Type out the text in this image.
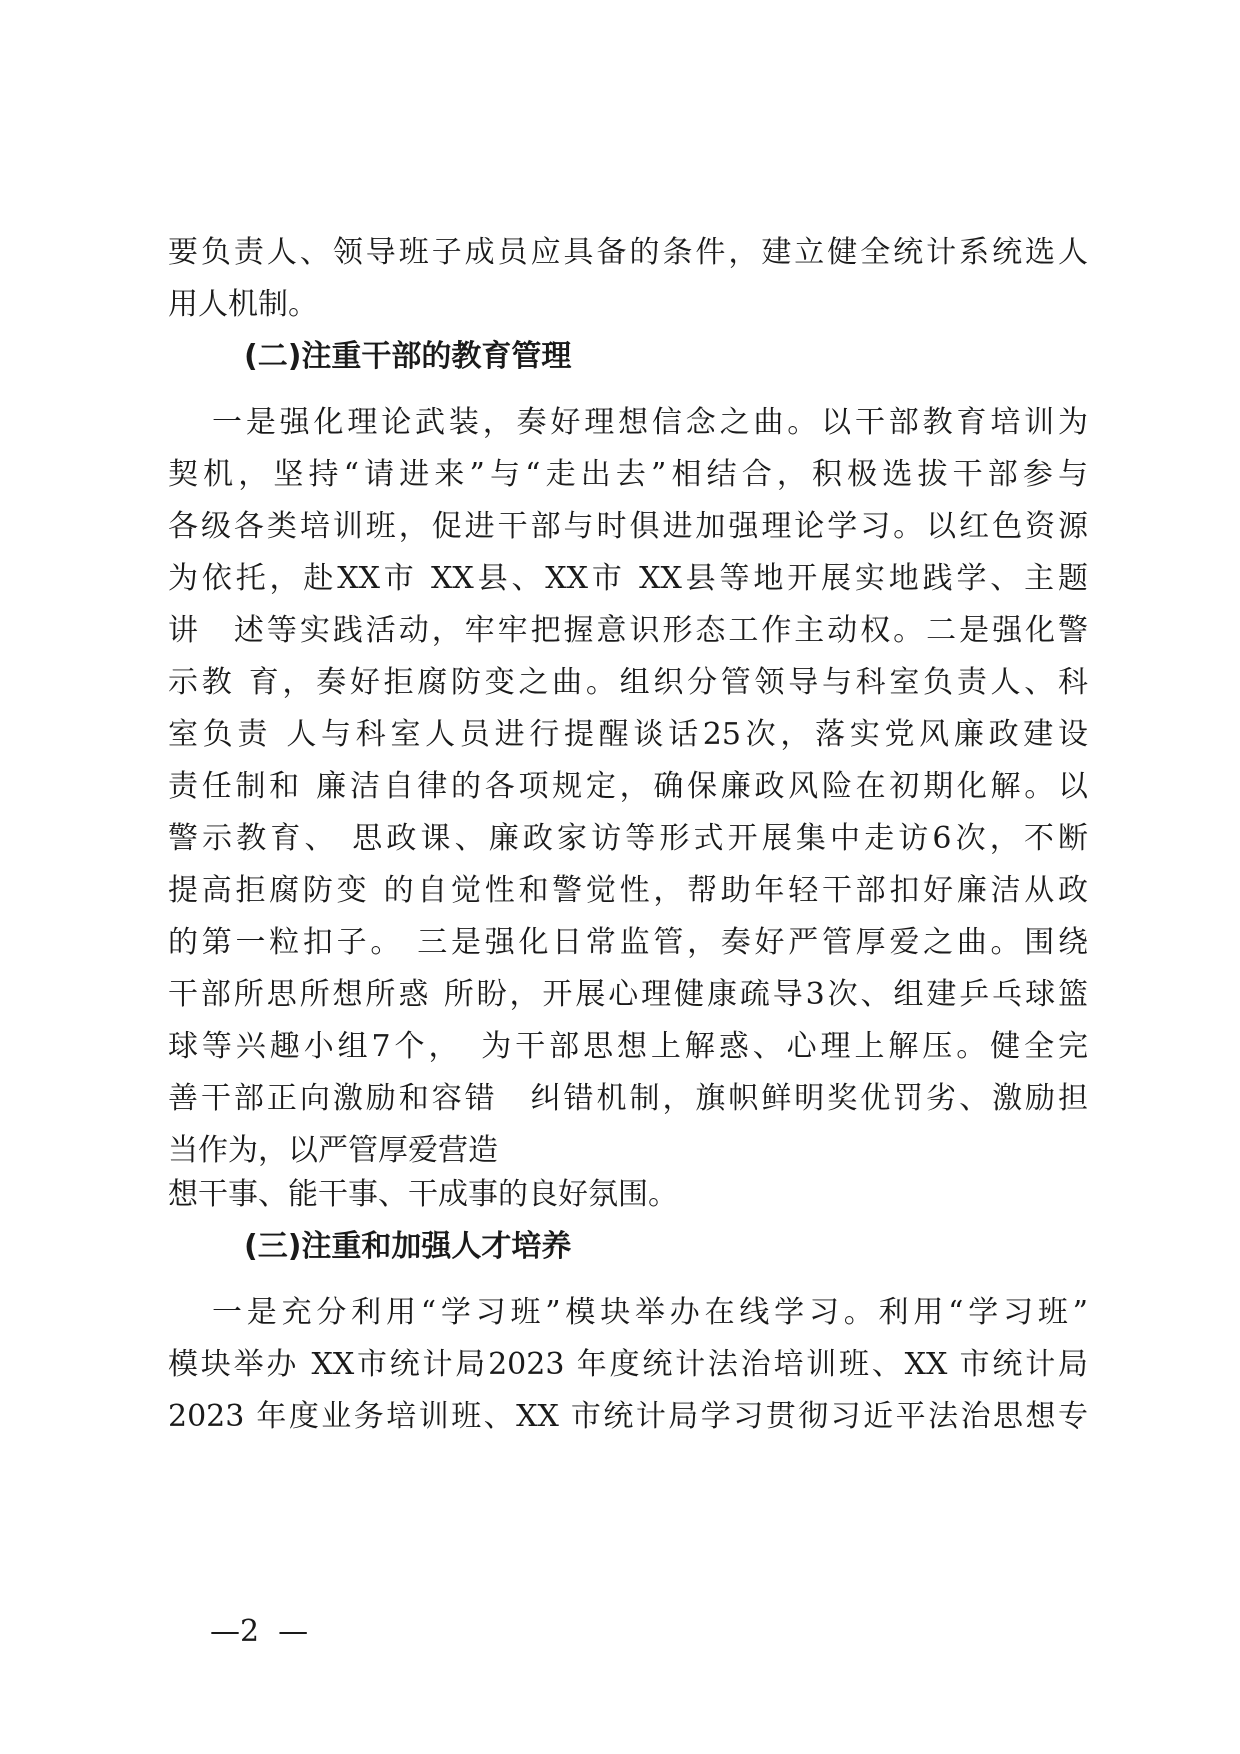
要负责人、领导班子成员应具备的条件，建立健全统计系统选人
用人机制。
(二)注重干部的教育管理
一是强化理论武装，奏好理想信念之曲。以干部教育培训为
契机，坚持“请进来”与“走出去”相结合，积极选拔干部参与
各级各类培训班，促进干部与时俱进加强理论学习。以红色资源
为依托，赴XX市 XX县、XX市 XX县等地开展实地践学、主题
讲　述等实践活动，牢牢把握意识形态工作主动权。二是强化警
示教 育，奏好拒腐防变之曲。组织分管领导与科室负责人、科
室负责 人与科室人员进行提醒谈话25次，落实党风廉政建设
责任制和 廉洁自律的各项规定，确保廉政风险在初期化解。以
警示教育、 思政课、廉政家访等形式开展集中走访6次，不断
提高拒腐防变 的自觉性和警觉性，帮助年轻干部扣好廉洁从政
的第一粒扣子。 三是强化日常监管，奏好严管厚爱之曲。围绕
干部所思所想所惑 所盼，开展心理健康疏导3次、组建乒乓球篮
球等兴趣小组7个，　为干部思想上解惑、心理上解压。健全完
善干部正向激励和容错　纠错机制，旗帜鲜明奖优罚劣、激励担
当作为，以严管厚爱营造
想干事、能干事、干成事的良好氛围。
(三)注重和加强人才培养
一是充分利用“学习班”模块举办在线学习。利用“学习班”
模块举办 XX市统计局2023 年度统计法治培训班、XX 市统计局
2023 年度业务培训班、XX 市统计局学习贯彻习近平法治思想专
—2  —
